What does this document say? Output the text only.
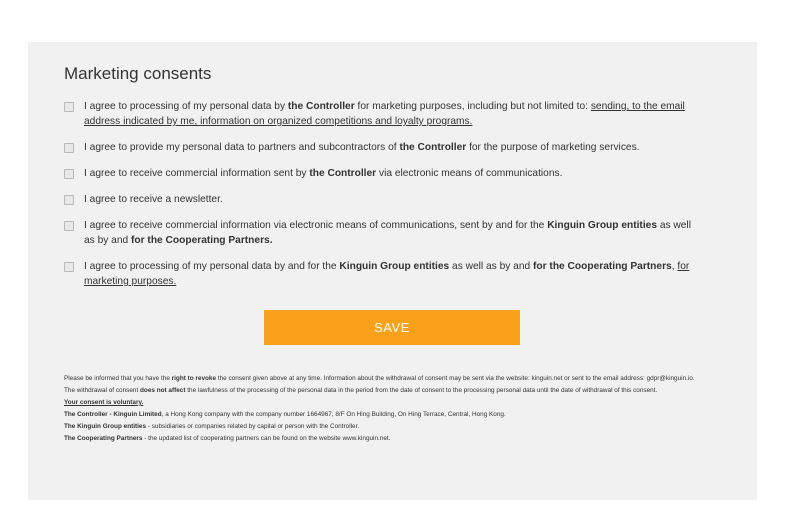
Marketing consents
I agree to processing of my personal data by the Controller for marketing purposes, including but not limited to: sending, to the email address indicated by me, information on organized competitions and loyalty programs.
I agree to provide my personal data to partners and subcontractors of the Controller for the purpose of marketing services.
I agree to receive commercial information sent by the Controller via electronic means of communications.
I agree to receive a newsletter.
I agree to receive commercial information via electronic means of communications, sent by and for the Kinguin Group entities as well as by and for the Cooperating Partners.
I agree to processing of my personal data by and for the Kinguin Group entities as well as by and for the Cooperating Partners, for marketing purposes.
SAVE

Please be informed that you have the right to revoke the consent given above at any time. Information about the withdrawal of consent may be sent via the website: kinguin.net or sent to the email address: gdpr@kinguin.io.

The withdrawal of consent does not affect the lawfulness of the processing of the personal data in the period from the date of consent to the processing personal data until the date of withdrawal of this consent.

Your consent is voluntary.

The Controller - Kinguin Limited, a Hong Kong company with the company number 1664967, 8/F On Hing Building, On Hing Terrace, Central, Hong Kong.

The Kinguin Group entities - subsidiaries or companies related by capital or person with the Controller.

The Cooperating Partners - the updated list of cooperating partners can be found on the website www.kinguin.net.
